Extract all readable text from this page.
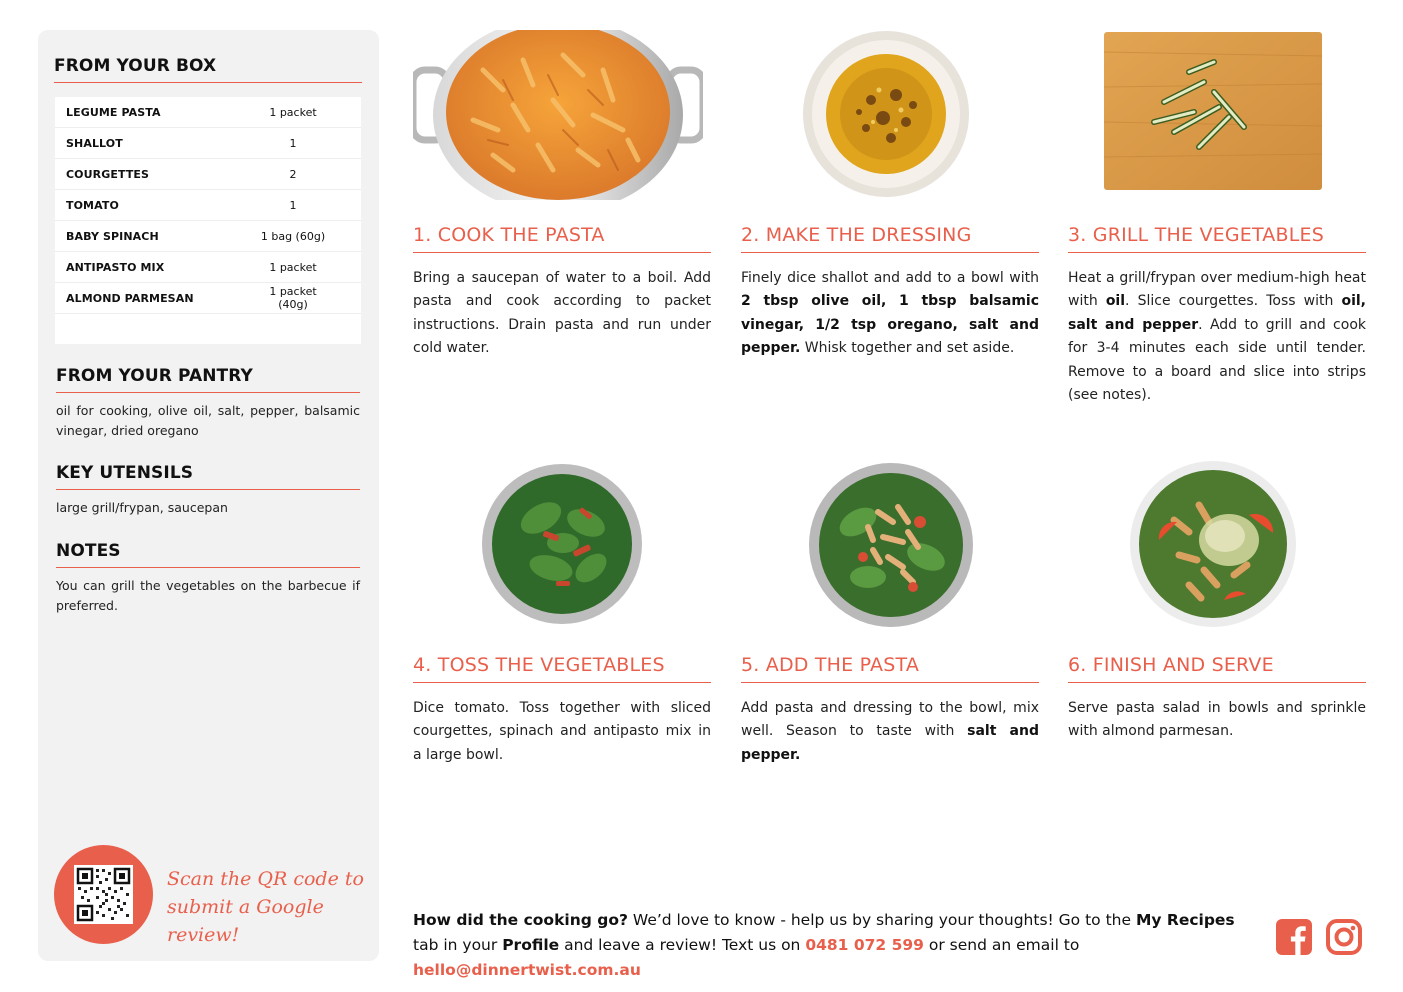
FROM YOUR BOX
LEGUME PASTA	1 packet
SHALLOT	1
COURGETTES	2
TOMATO	1
BABY SPINACH	1 bag (60g)
ANTIPASTO MIX	1 packet
ALMOND PARMESAN	1 packet (40g)
FROM YOUR PANTRY
oil for cooking, olive oil, salt, pepper, balsamic vinegar, dried oregano
KEY UTENSILS
large grill/frypan, saucepan
NOTES
You can grill the vegetables on the barbecue if preferred.
Scan the QR code to
submit a Google review!
1. COOK THE PASTA
Bring a saucepan of water to a boil. Add pasta and cook according to packet instructions. Drain pasta and run under cold water.
2. MAKE THE DRESSING
Finely dice shallot and add to a bowl with 2 tbsp olive oil, 1 tbsp balsamic vinegar, 1/2 tsp oregano, salt and pepper. Whisk together and set aside.
3. GRILL THE VEGETABLES
Heat a grill/frypan over medium-high heat with oil. Slice courgettes. Toss with oil, salt and pepper. Add to grill and cook for 3-4 minutes each side until tender. Remove to a board and slice into strips (see notes).
4. TOSS THE VEGETABLES
Dice tomato. Toss together with sliced courgettes, spinach and antipasto mix in a large bowl.
5. ADD THE PASTA
Add pasta and dressing to the bowl, mix well. Season to taste with salt and pepper.
6. FINISH AND SERVE
Serve pasta salad in bowls and sprinkle with almond parmesan.
How did the cooking go? We’d love to know - help us by sharing your thoughts! Go to the My Recipes tab in your Profile and leave a review! Text us on 0481 072 599 or send an email to hello@dinnertwist.com.au
